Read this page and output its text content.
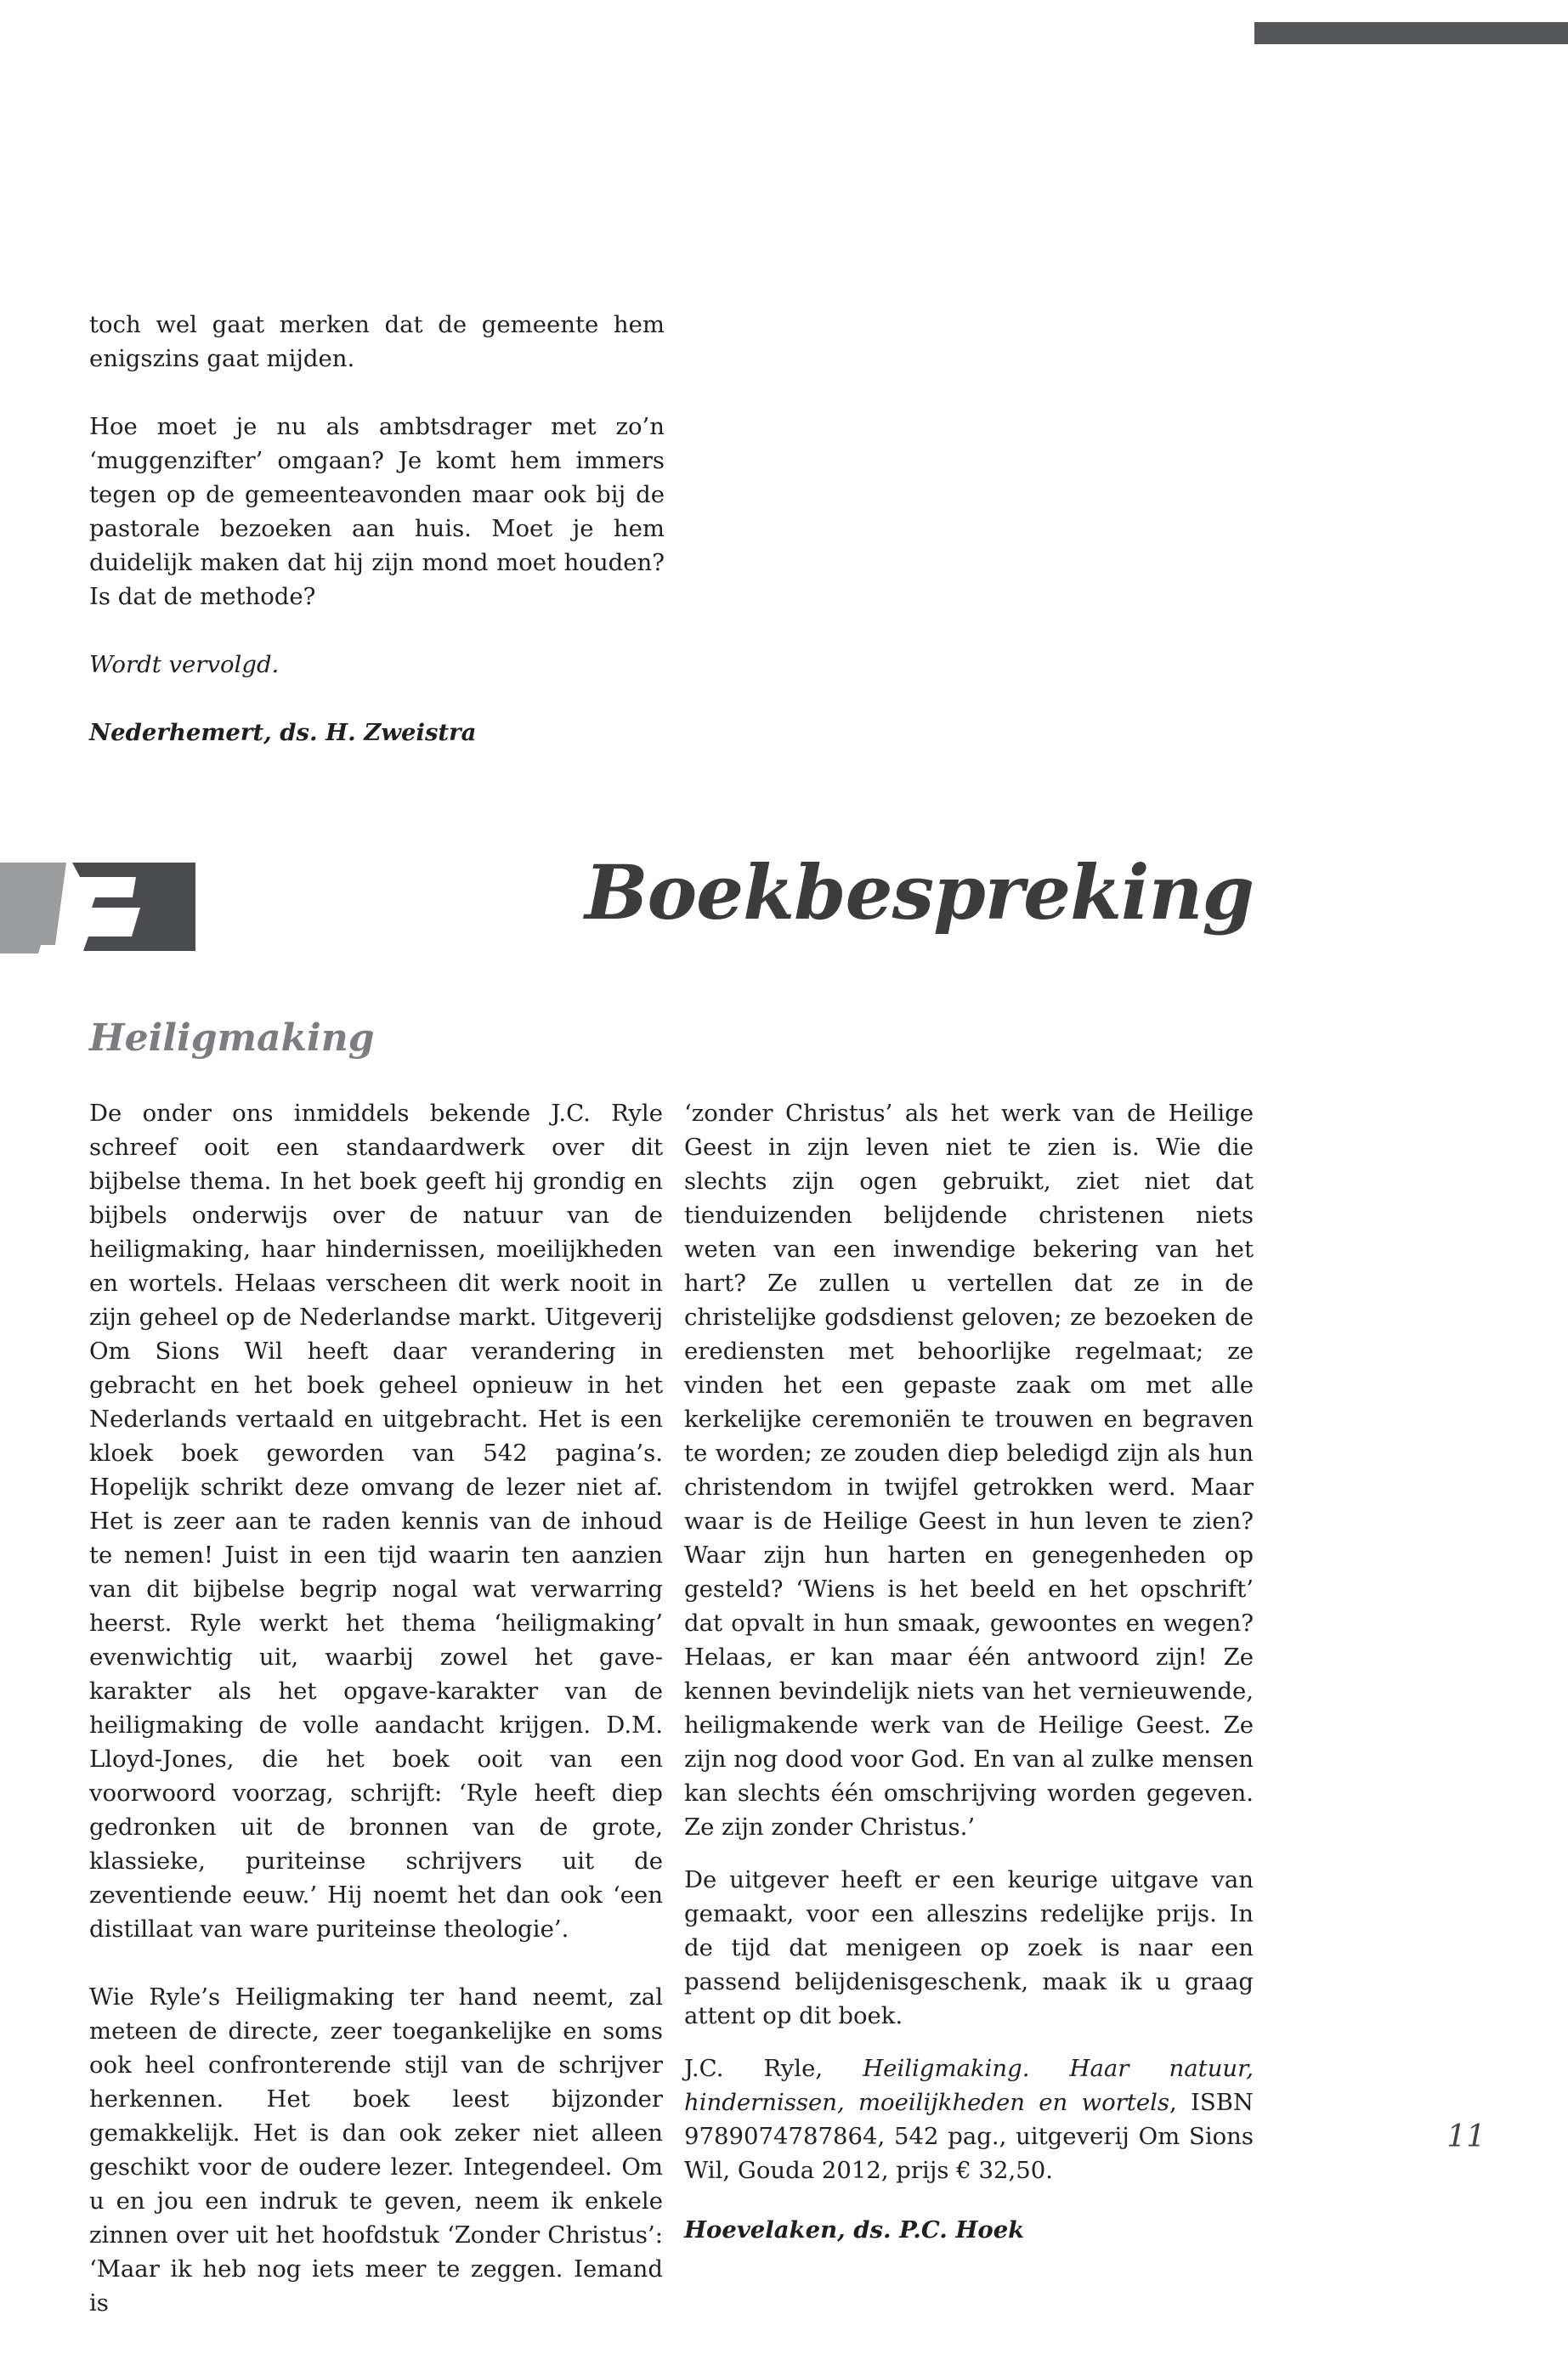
toch wel gaat merken dat de gemeente hem enigszins gaat mijden.

Hoe moet je nu als ambtsdrager met zo’n ‘muggenzifter’ omgaan? Je komt hem immers tegen op de gemeenteavonden maar ook bij de pastorale bezoeken aan huis. Moet je hem duidelijk maken dat hij zijn mond moet houden? Is dat de methode?

Wordt vervolgd.

Nederhemert, ds. H. Zweistra

Boekbespreking
Heiligmaking

De onder ons inmiddels bekende J.C. Ryle schreef ooit een standaardwerk over dit bijbelse thema. In het boek geeft hij grondig en bijbels onderwijs over de natuur van de heiligmaking, haar hindernissen, moeilijkheden en wortels. Helaas verscheen dit werk nooit in zijn geheel op de Nederlandse markt. Uitgeverij Om Sions Wil heeft daar verandering in gebracht en het boek geheel opnieuw in het Nederlands vertaald en uitgebracht. Het is een kloek boek geworden van 542 pagina’s. Hopelijk schrikt deze omvang de lezer niet af. Het is zeer aan te raden kennis van de inhoud te nemen! Juist in een tijd waarin ten aanzien van dit bijbelse begrip nogal wat verwarring heerst. Ryle werkt het thema ‘heiligmaking’ evenwichtig uit, waarbij zowel het gave-karakter als het opgave-karakter van de heiligmaking de volle aandacht krijgen. D.M. Lloyd-Jones, die het boek ooit van een voorwoord voorzag, schrijft: ‘Ryle heeft diep gedronken uit de bronnen van de grote, klassieke, puriteinse schrijvers uit de zeventiende eeuw.’ Hij noemt het dan ook ‘een distillaat van ware puriteinse theologie’.

Wie Ryle’s Heiligmaking ter hand neemt, zal meteen de directe, zeer toegankelijke en soms ook heel confronterende stijl van de schrijver herkennen. Het boek leest bijzonder gemakkelijk. Het is dan ook zeker niet alleen geschikt voor de oudere lezer. Integendeel. Om u en jou een indruk te geven, neem ik enkele zinnen over uit het hoofdstuk ‘Zonder Christus’: ‘Maar ik heb nog iets meer te zeggen. Iemand is

‘zonder Christus’ als het werk van de Heilige Geest in zijn leven niet te zien is. Wie die slechts zijn ogen gebruikt, ziet niet dat tienduizenden belijdende christenen niets weten van een inwendige bekering van het hart? Ze zullen u vertellen dat ze in de christelijke godsdienst geloven; ze bezoeken de erediensten met behoorlijke regelmaat; ze vinden het een gepaste zaak om met alle kerkelijke ceremoniën te trouwen en begraven te worden; ze zouden diep beledigd zijn als hun christendom in twijfel getrokken werd. Maar waar is de Heilige Geest in hun leven te zien? Waar zijn hun harten en genegenheden op gesteld? ‘Wiens is het beeld en het opschrift’ dat opvalt in hun smaak, gewoontes en wegen? Helaas, er kan maar één antwoord zijn! Ze kennen bevindelijk niets van het vernieuwende, heiligmakende werk van de Heilige Geest. Ze zijn nog dood voor God. En van al zulke mensen kan slechts één omschrijving worden gegeven. Ze zijn zonder Christus.’

De uitgever heeft er een keurige uitgave van gemaakt, voor een alleszins redelijke prijs. In de tijd dat menigeen op zoek is naar een passend belijdenisgeschenk, maak ik u graag attent op dit boek.

J.C. Ryle, Heiligmaking. Haar natuur, hindernissen, moeilijkheden en wortels, ISBN 9789074787864, 542 pag., uitgeverij Om Sions Wil, Gouda 2012, prijs € 32,50.

Hoevelaken, ds. P.C. Hoek

11
